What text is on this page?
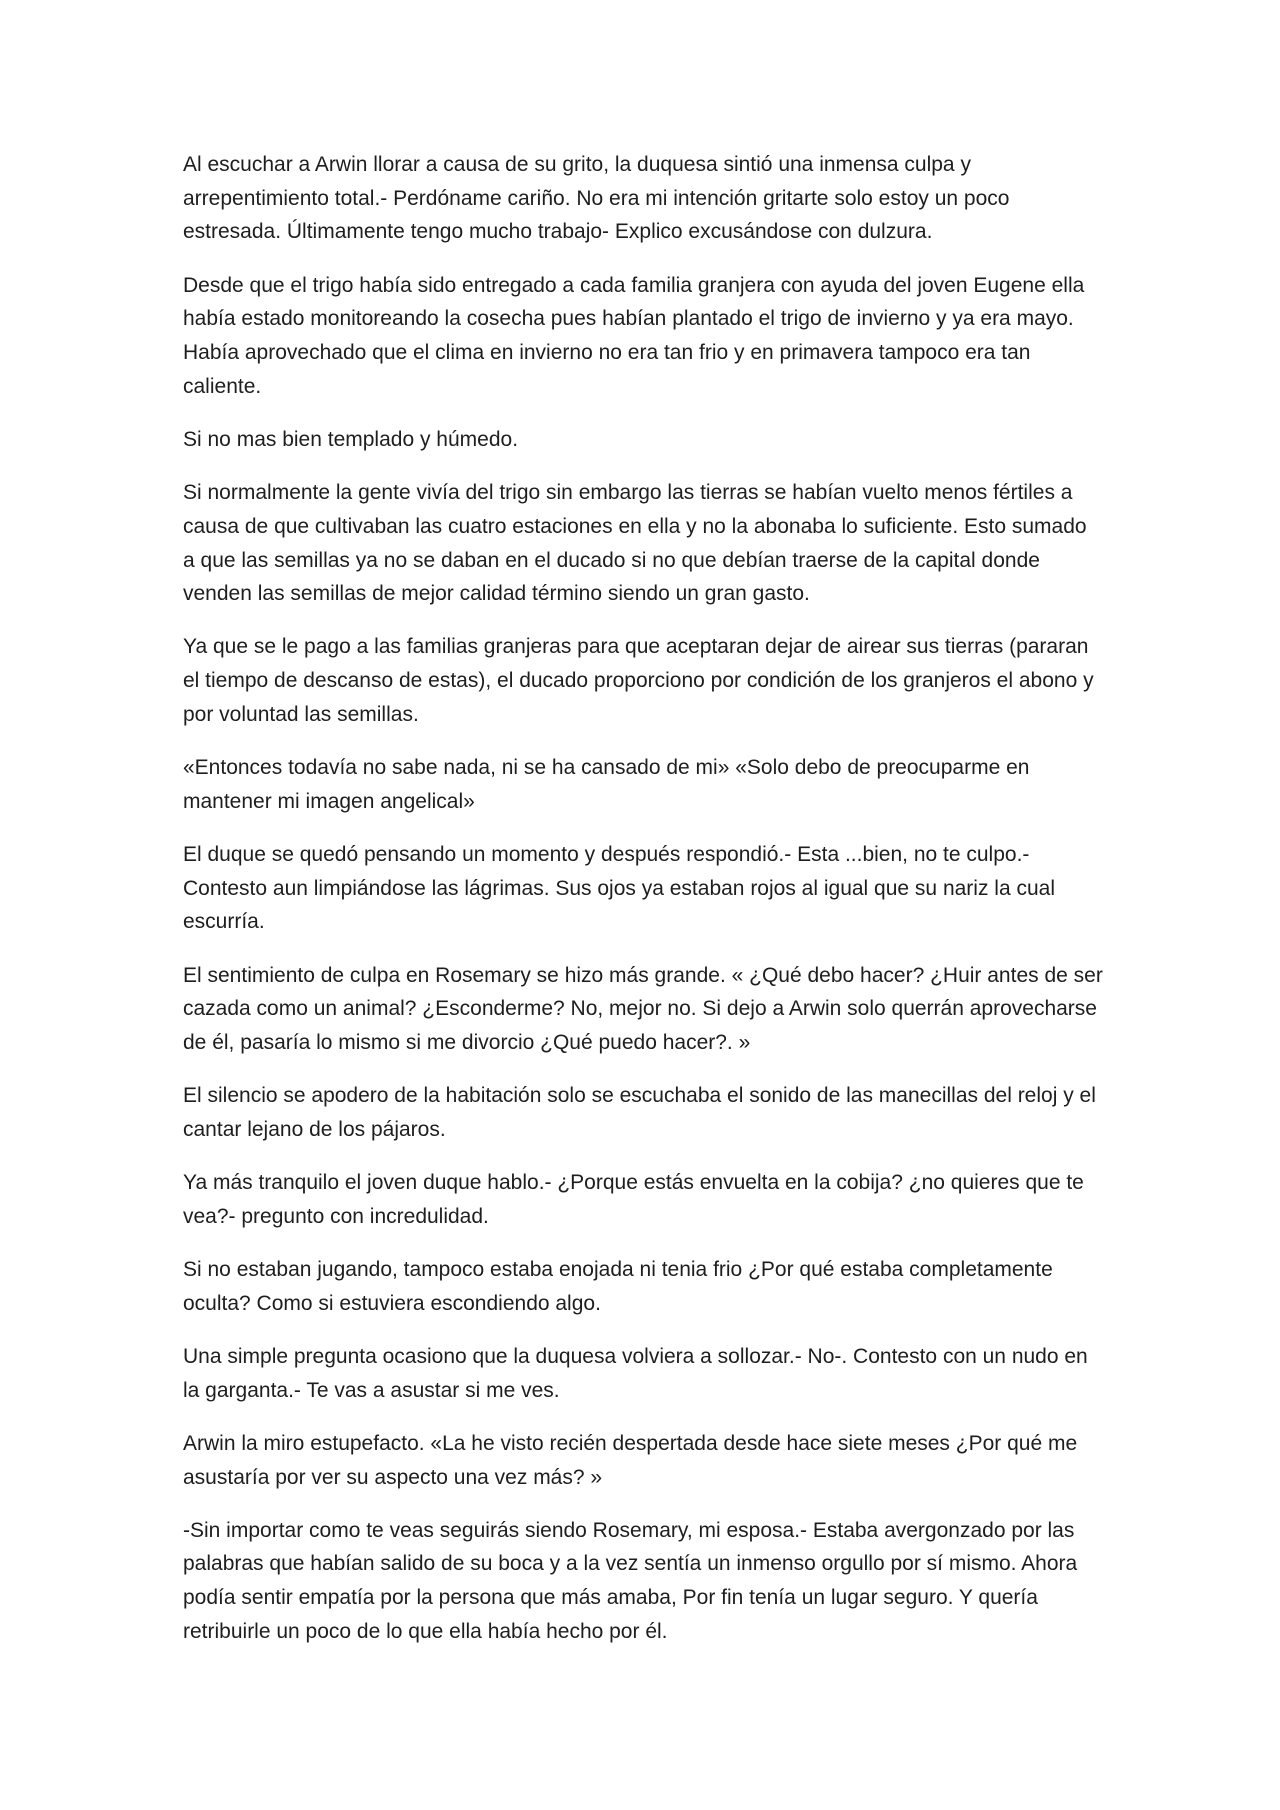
Al escuchar a Arwin llorar a causa de su grito, la duquesa sintió una inmensa culpa y arrepentimiento total.- Perdóname cariño. No era mi intención gritarte solo estoy un poco estresada. Últimamente tengo mucho trabajo- Explico excusándose con dulzura.

Desde que el trigo había sido entregado a cada familia granjera con ayuda del joven Eugene ella había estado monitoreando la cosecha pues habían plantado el trigo de invierno y ya era mayo. Había aprovechado que el clima en invierno no era tan frio y en primavera tampoco era tan caliente.

Si no mas bien templado y húmedo.

Si normalmente la gente vivía del trigo sin embargo las tierras se habían vuelto menos fértiles a causa de que cultivaban las cuatro estaciones en ella y no la abonaba lo suficiente. Esto sumado a que las semillas ya no se daban en el ducado si no que debían traerse de la capital donde venden las semillas de mejor calidad término siendo un gran gasto.

Ya que se le pago a las familias granjeras para que aceptaran dejar de airear sus tierras (pararan el tiempo de descanso de estas), el ducado proporciono por condición de los granjeros el abono y por voluntad las semillas.

«Entonces todavía no sabe nada, ni se ha cansado de mi» «Solo debo de preocuparme en mantener mi imagen angelical»

El duque se quedó pensando un momento y después respondió.- Esta ...bien, no te culpo.- Contesto aun limpiándose las lágrimas. Sus ojos ya estaban rojos al igual que su nariz la cual escurría.

El sentimiento de culpa en Rosemary se hizo más grande. « ¿Qué debo hacer? ¿Huir antes de ser cazada como un animal? ¿Esconderme? No, mejor no. Si dejo a Arwin solo querrán aprovecharse de él, pasaría lo mismo si me divorcio ¿Qué puedo hacer?. »

El silencio se apodero de la habitación solo se escuchaba el sonido de las manecillas del reloj y el cantar lejano de los pájaros.

Ya más tranquilo el joven duque hablo.- ¿Porque estás envuelta en la cobija? ¿no quieres que te vea?- pregunto con incredulidad.

Si no estaban jugando, tampoco estaba enojada ni tenia frio ¿Por qué estaba completamente oculta? Como si estuviera escondiendo algo.

Una simple pregunta ocasiono que la duquesa volviera a sollozar.- No-. Contesto con un nudo en la garganta.- Te vas a asustar si me ves.

Arwin la miro estupefacto. «La he visto recién despertada desde hace siete meses ¿Por qué me asustaría por ver su aspecto una vez más? »

-Sin importar como te veas seguirás siendo Rosemary, mi esposa.- Estaba avergonzado por las palabras que habían salido de su boca y a la vez sentía un inmenso orgullo por sí mismo. Ahora podía sentir empatía por la persona que más amaba, Por fin tenía un lugar seguro. Y quería retribuirle un poco de lo que ella había hecho por él.
